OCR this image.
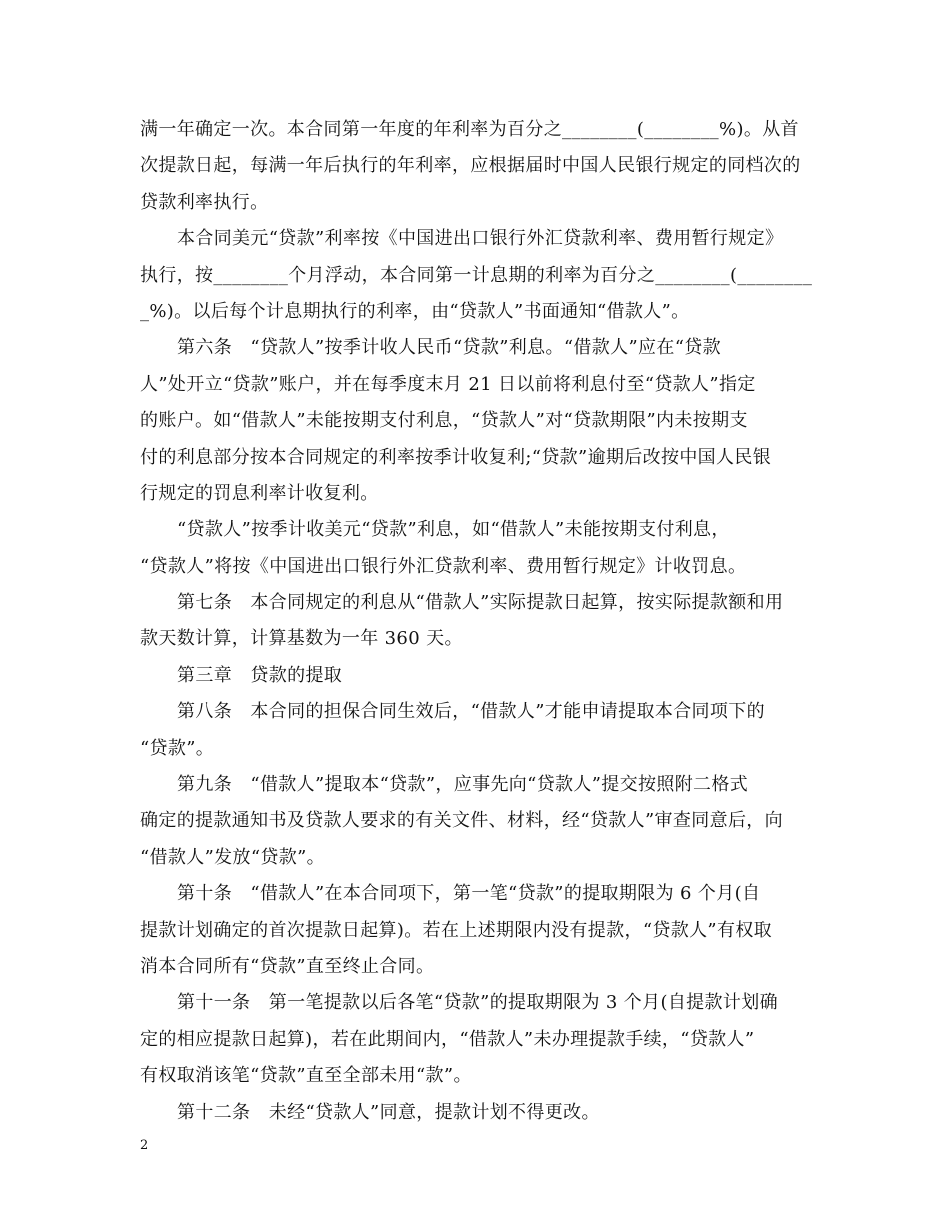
满一年确定一次。本合同第一年度的年利率为百分之________(________%)。从首
次提款日起，每满一年后执行的年利率，应根据届时中国人民银行规定的同档次的
贷款利率执行。
本合同美元“贷款”利率按《中国进出口银行外汇贷款利率、费用暂行规定》
执行，按________个月浮动，本合同第一计息期的利率为百分之________(________
_%)。以后每个计息期执行的利率，由“贷款人”书面通知“借款人”。
第六条　“贷款人”按季计收人民币“贷款”利息。“借款人”应在“贷款
人”处开立“贷款”账户，并在每季度末月 21 日以前将利息付至“贷款人”指定
的账户。如“借款人”未能按期支付利息，“贷款人”对“贷款期限”内未按期支
付的利息部分按本合同规定的利率按季计收复利;“贷款”逾期后改按中国人民银
行规定的罚息利率计收复利。
“贷款人”按季计收美元“贷款”利息，如“借款人”未能按期支付利息，
“贷款人”将按《中国进出口银行外汇贷款利率、费用暂行规定》计收罚息。
第七条　本合同规定的利息从“借款人”实际提款日起算，按实际提款额和用
款天数计算，计算基数为一年 360 天。
第三章　贷款的提取
第八条　本合同的担保合同生效后，“借款人”才能申请提取本合同项下的
“贷款”。
第九条　“借款人”提取本“贷款”，应事先向“贷款人”提交按照附二格式
确定的提款通知书及贷款人要求的有关文件、材料，经“贷款人”审查同意后，向
“借款人”发放“贷款”。
第十条　“借款人”在本合同项下，第一笔“贷款”的提取期限为 6 个月(自
提款计划确定的首次提款日起算)。若在上述期限内没有提款，“贷款人”有权取
消本合同所有“贷款”直至终止合同。
第十一条　第一笔提款以后各笔“贷款”的提取期限为 3 个月(自提款计划确
定的相应提款日起算)，若在此期间内，“借款人”未办理提款手续，“贷款人”
有权取消该笔“贷款”直至全部未用“款”。
第十二条　未经“贷款人”同意，提款计划不得更改。
2
